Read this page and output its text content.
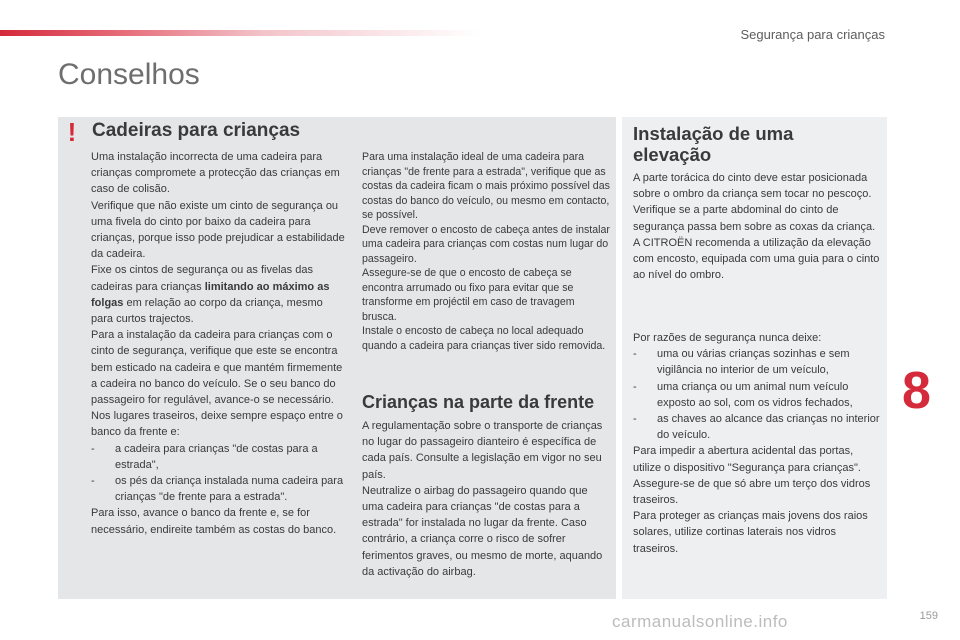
Segurança para crianças
Conselhos
! Cadeiras para crianças

Uma instalação incorrecta de uma cadeira para crianças compromete a protecção das crianças em caso de colisão.

Verifique que não existe um cinto de segurança ou uma fivela do cinto por baixo da cadeira para crianças, porque isso pode prejudicar a estabilidade da cadeira.

Fixe os cintos de segurança ou as fivelas das cadeiras para crianças limitando ao máximo as folgas em relação ao corpo da criança, mesmo para curtos trajectos.

Para a instalação da cadeira para crianças com o cinto de segurança, verifique que este se encontra bem esticado na cadeira e que mantém firmemente a cadeira no banco do veículo. Se o seu banco do passageiro for regulável, avance-o se necessário.

Nos lugares traseiros, deixe sempre espaço entre o banco da frente e:

- a cadeira para crianças "de costas para a estrada",
- os pés da criança instalada numa cadeira para crianças "de frente para a estrada".

Para isso, avance o banco da frente e, se for necessário, endireite também as costas do banco.

Para uma instalação ideal de uma cadeira para crianças "de frente para a estrada", verifique que as costas da cadeira ficam o mais próximo possível das costas do banco do veículo, ou mesmo em contacto, se possível.

Deve remover o encosto de cabeça antes de instalar uma cadeira para crianças com costas num lugar do passageiro.

Assegure-se de que o encosto de cabeça se encontra arrumado ou fixo para evitar que se transforme em projéctil em caso de travagem brusca.

Instale o encosto de cabeça no local adequado quando a cadeira para crianças tiver sido removida.

Crianças na parte da frente

A regulamentação sobre o transporte de crianças no lugar do passageiro dianteiro é específica de cada país. Consulte a legislação em vigor no seu país.

Neutralize o airbag do passageiro quando que uma cadeira para crianças "de costas para a estrada" for instalada no lugar da frente. Caso contrário, a criança corre o risco de sofrer ferimentos graves, ou mesmo de morte, aquando da activação do airbag.

Instalação de uma elevação

A parte torácica do cinto deve estar posicionada sobre o ombro da criança sem tocar no pescoço.

Verifique se a parte abdominal do cinto de segurança passa bem sobre as coxas da criança.

A CITROËN recomenda a utilização da elevação com encosto, equipada com uma guia para o cinto ao nível do ombro.

Por razões de segurança nunca deixe:

- uma ou várias crianças sozinhas e sem vigilância no interior de um veículo,
- uma criança ou um animal num veículo exposto ao sol, com os vidros fechados,
- as chaves ao alcance das crianças no interior do veículo.

Para impedir a abertura acidental das portas, utilize o dispositivo "Segurança para crianças".

Assegure-se de que só abre um terço dos vidros traseiros.

Para proteger as crianças mais jovens dos raios solares, utilize cortinas laterais nos vidros traseiros.

8
159
carmanualsonline.info
